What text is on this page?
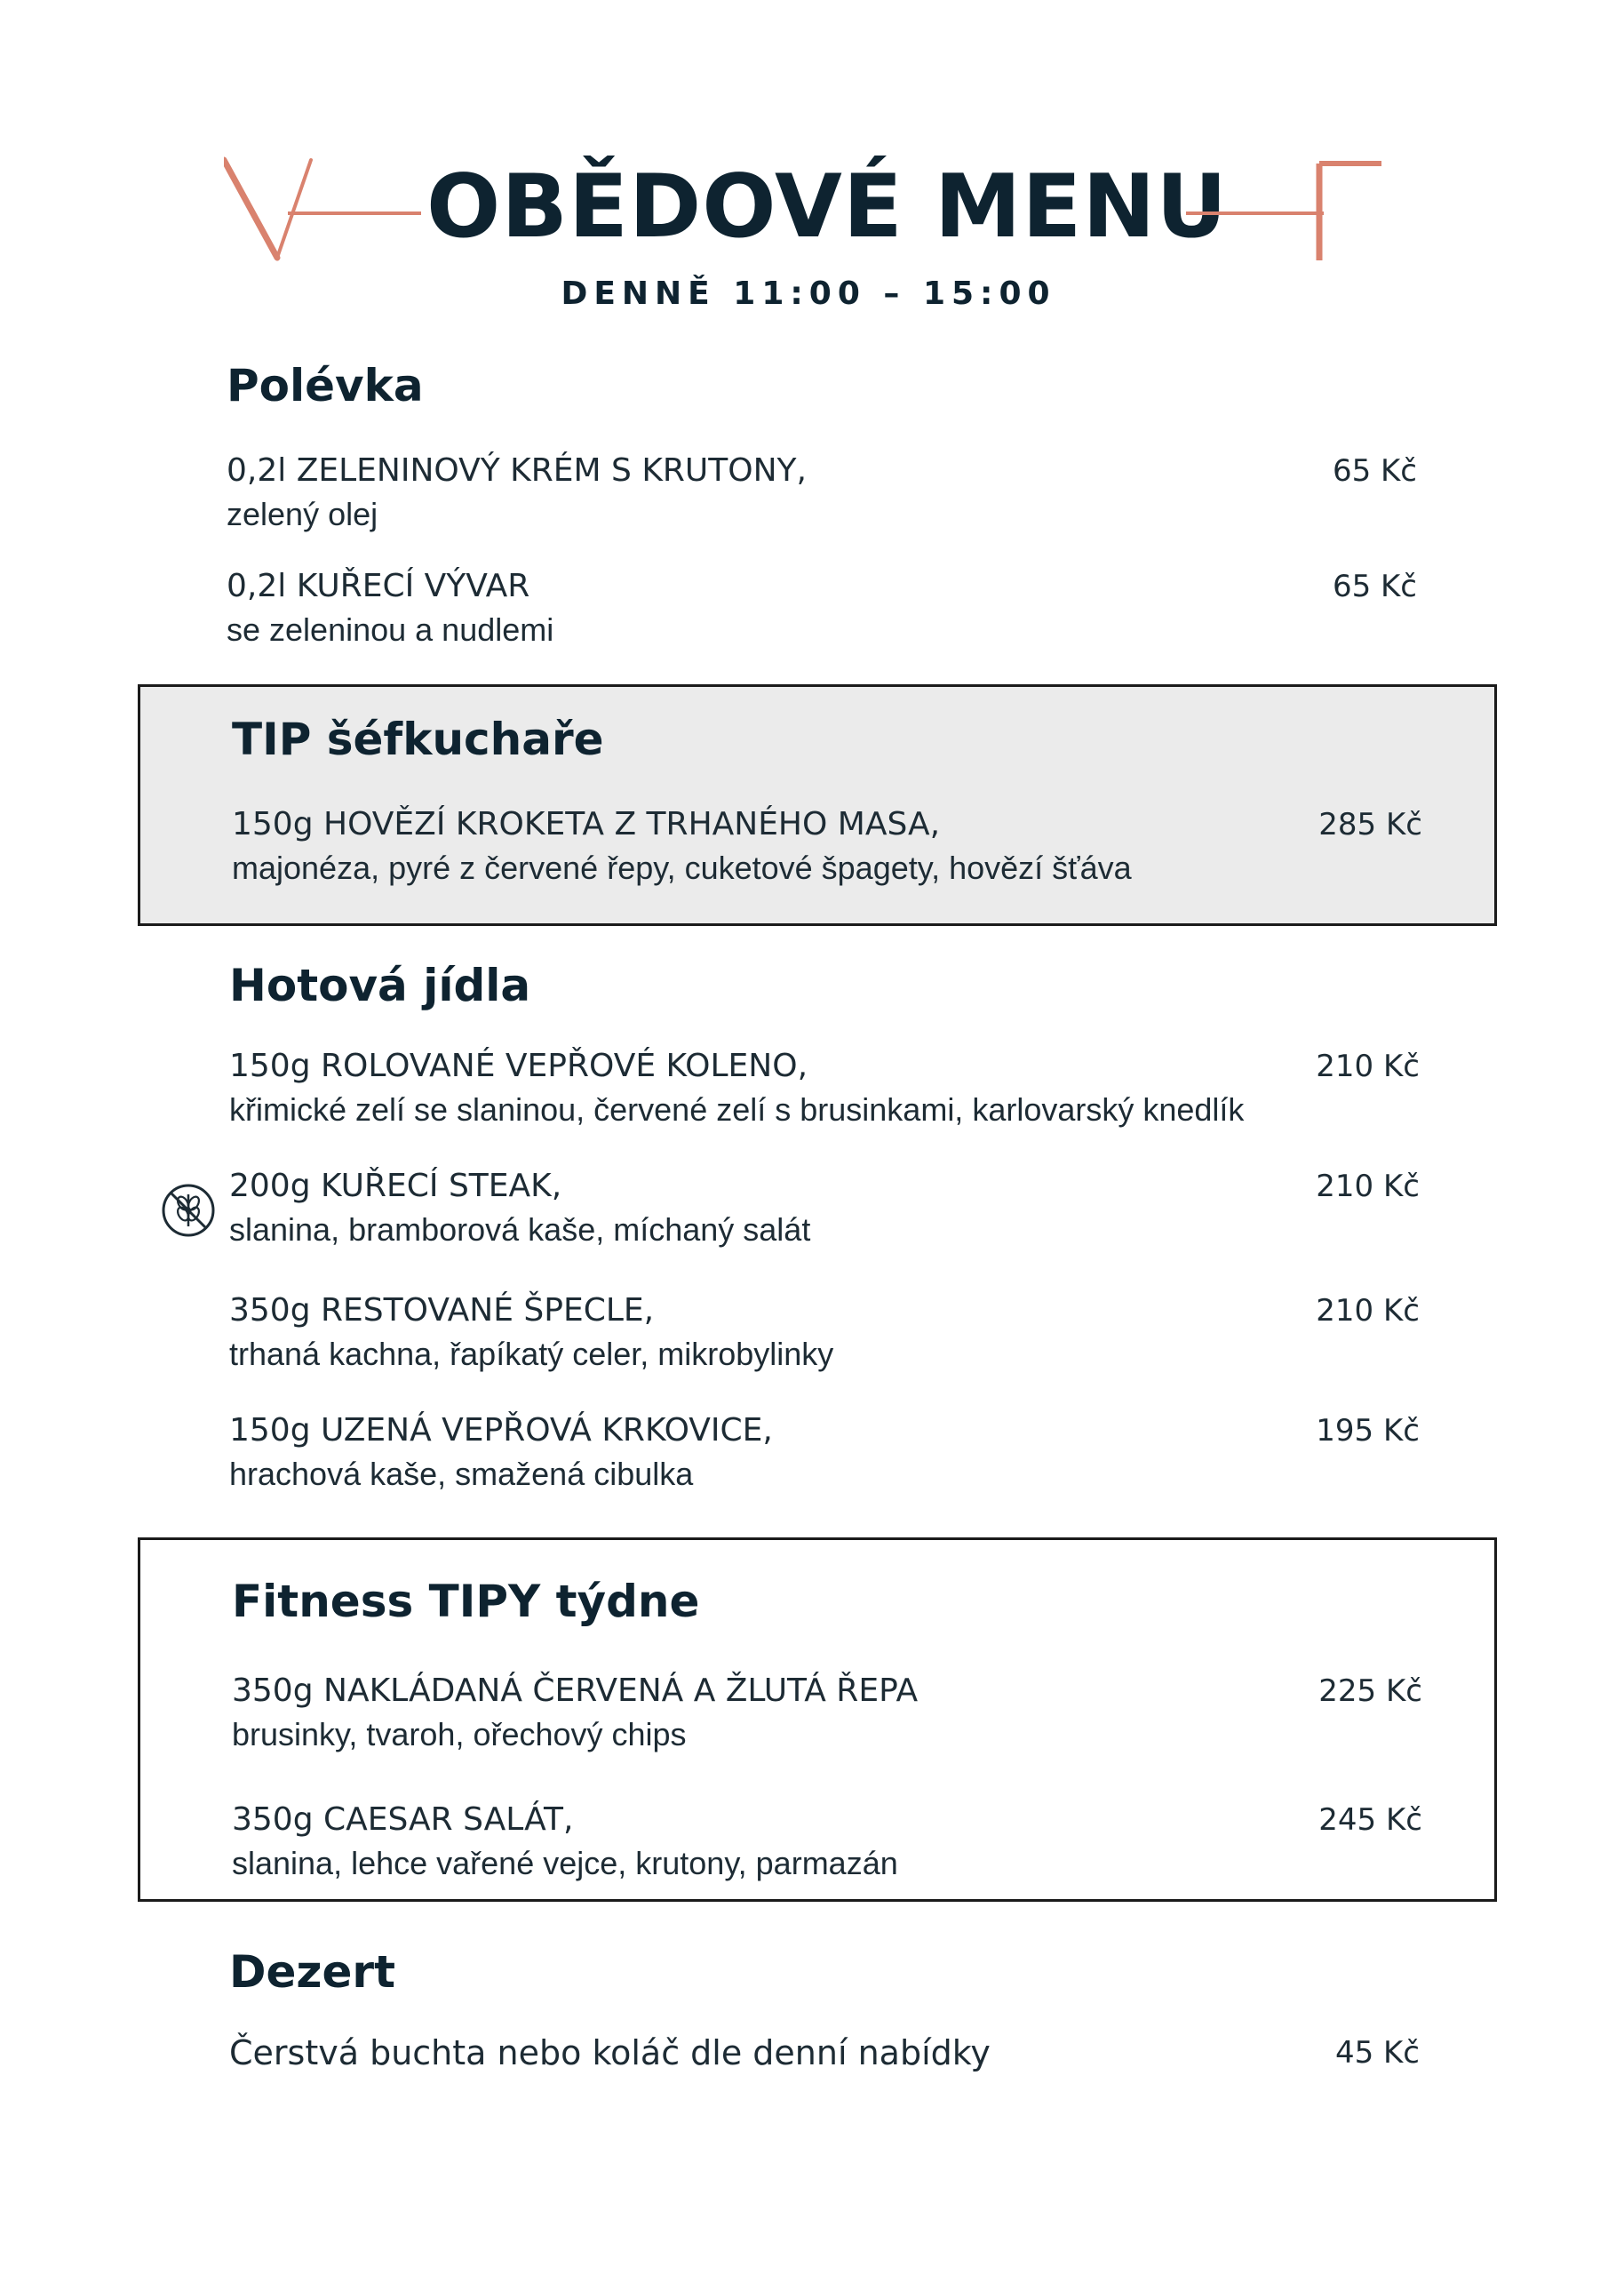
OBĚDOVÉ MENU
DENNĚ 11:00 – 15:00
Polévka
0,2l ZELENINOVÝ KRÉM S KRUTONY,
zelený olej
65 Kč
0,2l KUŘECÍ VÝVAR
se zeleninou a nudlemi
65 Kč
TIP šéfkuchaře
150g HOVĚZÍ KROKETA Z TRHANÉHO MASA,
majonéza, pyré z červené řepy, cuketové špagety, hovězí šťáva
285 Kč
Hotová jídla
150g ROLOVANÉ VEPŘOVÉ KOLENO,
křimické zelí se slaninou, červené zelí s brusinkami, karlovarský knedlík
210 Kč
200g KUŘECÍ STEAK,
slanina, bramborová kaše, míchaný salát
210 Kč
350g RESTOVANÉ ŠPECLE,
trhaná kachna, řapíkatý celer, mikrobylinky
210 Kč
150g UZENÁ VEPŘOVÁ KRKOVICE,
hrachová kaše, smažená cibulka
195 Kč
Fitness TIPY týdne
350g NAKLÁDANÁ ČERVENÁ A ŽLUTÁ ŘEPA
brusinky, tvaroh, ořechový chips
225 Kč
350g CAESAR SALÁT,
slanina, lehce vařené vejce, krutony, parmazán
245 Kč
Dezert
Čerstvá buchta nebo koláč dle denní nabídky	45 Kč
